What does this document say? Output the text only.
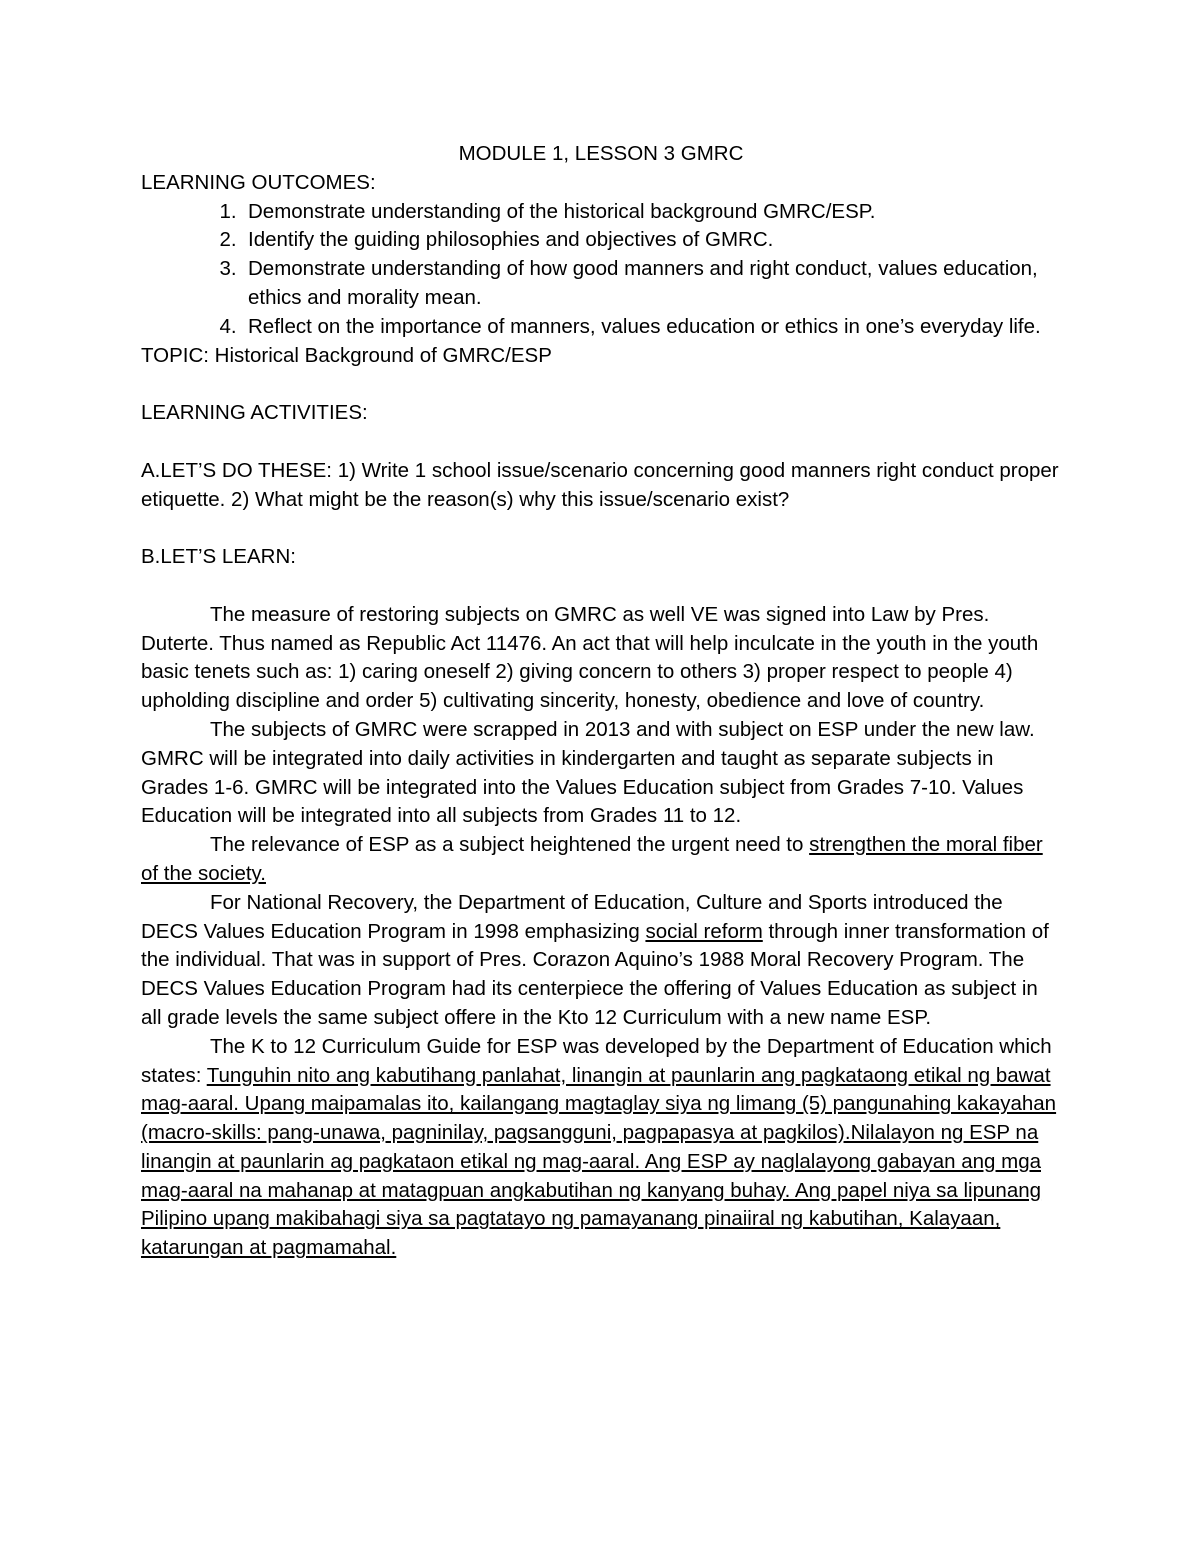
MODULE 1, LESSON 3 GMRC

LEARNING OUTCOMES:

1. Demonstrate understanding of the historical background GMRC/ESP.
2. Identify the guiding philosophies and objectives of GMRC.
3. Demonstrate understanding of how good manners and right conduct, values education, ethics and morality mean.
4. Reflect on the importance of manners, values education or ethics in one’s everyday life.

TOPIC: Historical Background of GMRC/ESP

LEARNING ACTIVITIES:

A.LET’S DO THESE: 1) Write 1 school issue/scenario concerning good manners right conduct proper etiquette. 2) What might be the reason(s) why this issue/scenario exist?

B.LET’S LEARN:

The measure of restoring subjects on GMRC as well VE was signed into Law by Pres. Duterte. Thus named as Republic Act 11476. An act that will help inculcate in the youth in the youth basic tenets such as: 1) caring oneself 2) giving concern to others 3) proper respect to people 4) upholding discipline and order 5) cultivating sincerity, honesty, obedience and love of country.

The subjects of GMRC were scrapped in 2013 and with subject on ESP under the new law. GMRC will be integrated into daily activities in kindergarten and taught as separate subjects in Grades 1-6. GMRC will be integrated into the Values Education subject from Grades 7-10. Values Education will be integrated into all subjects from Grades 11 to 12.

The relevance of ESP as a subject heightened the urgent need to strengthen the moral fiber of the society.

For National Recovery, the Department of Education, Culture and Sports introduced the DECS Values Education Program in 1998 emphasizing social reform through inner transformation of the individual. That was in support of Pres. Corazon Aquino’s 1988 Moral Recovery Program. The DECS Values Education Program had its centerpiece the offering of Values Education as subject in all grade levels the same subject offere in the Kto 12 Curriculum with a new name ESP.

The K to 12 Curriculum Guide for ESP was developed by the Department of Education which states: Tunguhin nito ang kabutihang panlahat, linangin at paunlarin ang pagkataong etikal ng bawat mag-aaral. Upang maipamalas ito, kailangang magtaglay siya ng limang (5) pangunahing kakayahan (macro-skills: pang-unawa, pagninilay, pagsangguni, pagpapasya at pagkilos).Nilalayon ng ESP na linangin at paunlarin ag pagkataon etikal ng mag-aaral. Ang ESP ay naglalayong gabayan ang mga mag-aaral na mahanap at matagpuan angkabutihan ng kanyang buhay. Ang papel niya sa lipunang Pilipino upang makibahagi siya sa pagtatayo ng pamayanang pinaiiral ng kabutihan, Kalayaan, katarungan at pagmamahal.
